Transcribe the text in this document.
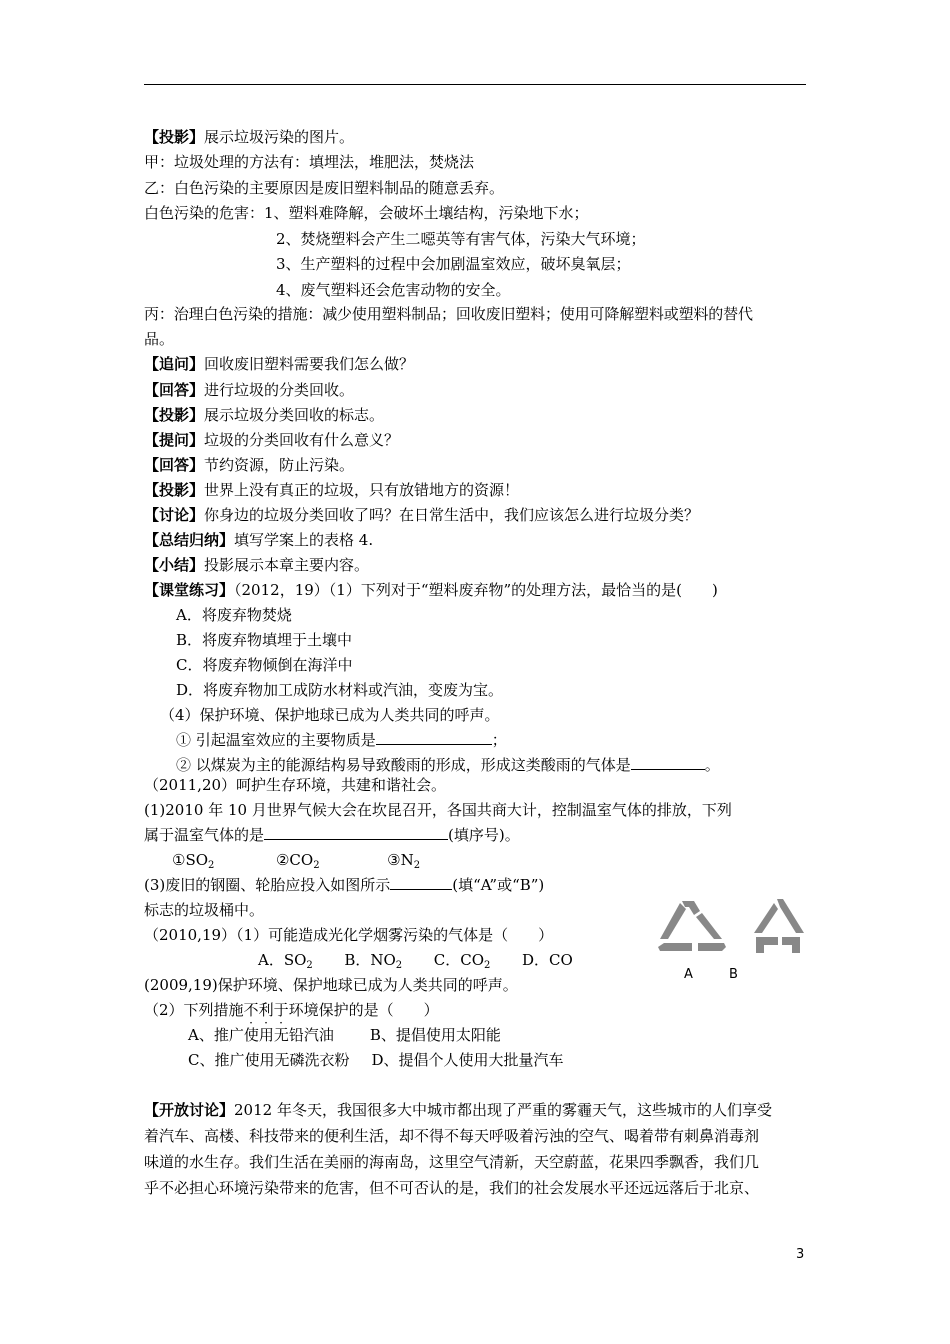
【投影】展示垃圾污染的图片。
甲：垃圾处理的方法有：填埋法，堆肥法，焚烧法
乙：白色污染的主要原因是废旧塑料制品的随意丢弃。
白色污染的危害：1、塑料难降解，会破坏土壤结构，污染地下水；
2、焚烧塑料会产生二噁英等有害气体，污染大气环境；
3、生产塑料的过程中会加剧温室效应，破坏臭氧层；
4、废气塑料还会危害动物的安全。
丙：治理白色污染的措施：减少使用塑料制品；回收废旧塑料；使用可降解塑料或塑料的替代
品。
【追问】回收废旧塑料需要我们怎么做？
【回答】进行垃圾的分类回收。
【投影】展示垃圾分类回收的标志。
【提问】垃圾的分类回收有什么意义？
【回答】节约资源，防止污染。
【投影】世界上没有真正的垃圾，只有放错地方的资源！
【讨论】你身边的垃圾分类回收了吗？在日常生活中，我们应该怎么进行垃圾分类？
【总结归纳】填写学案上的表格 4.
【小结】投影展示本章主要内容。
【课堂练习】（2012，19）（1）下列对于“塑料废弃物”的处理方法，最恰当的是(　　)
A．将废弃物焚烧
B．将废弃物填埋于土壤中
C．将废弃物倾倒在海洋中
D．将废弃物加工成防水材料或汽油，变废为宝。
（4）保护环境、保护地球已成为人类共同的呼声。
① 引起温室效应的主要物质是	；
② 以煤炭为主的能源结构易导致酸雨的形成，形成这类酸雨的气体是	。
（2011,20）呵护生存环境，共建和谐社会。
(1)2010 年 10 月世界气候大会在坎昆召开，各国共商大计，控制温室气体的排放，下列
属于温室气体的是	(填序号)。
$①SO_2$	$②CO_2$	$③N_2$
(3)废旧的钢圈、轮胎应投入如图所示	(填“A”或“B”)
标志的垃圾桶中。
（2010,19）（1）可能造成光化学烟雾污染的气体是（　　）
A．$SO_2$ B．$NO_2$ C．$CO_2$ D．CO
(2009,19)保护环境、保护地球已成为人类共同的呼声。
（2）下列措施不利于环境保护的是（　　）
A、推广使用无铅汽油 B、提倡使用太阳能
C、推广使用无磷洗衣粉 D、提倡个人使用大批量汽车
【开放讨论】2012 年冬天，我国很多大中城市都出现了严重的雾霾天气，这些城市的人们享受
着汽车、高楼、科技带来的便利生活，却不得不每天呼吸着污浊的空气、喝着带有刺鼻消毒剂
味道的水生存。我们生活在美丽的海南岛，这里空气清新，天空蔚蓝，花果四季飘香，我们几
乎不必担心环境污染带来的危害，但不可否认的是，我们的社会发展水平还远远落后于北京、
A	B
3
